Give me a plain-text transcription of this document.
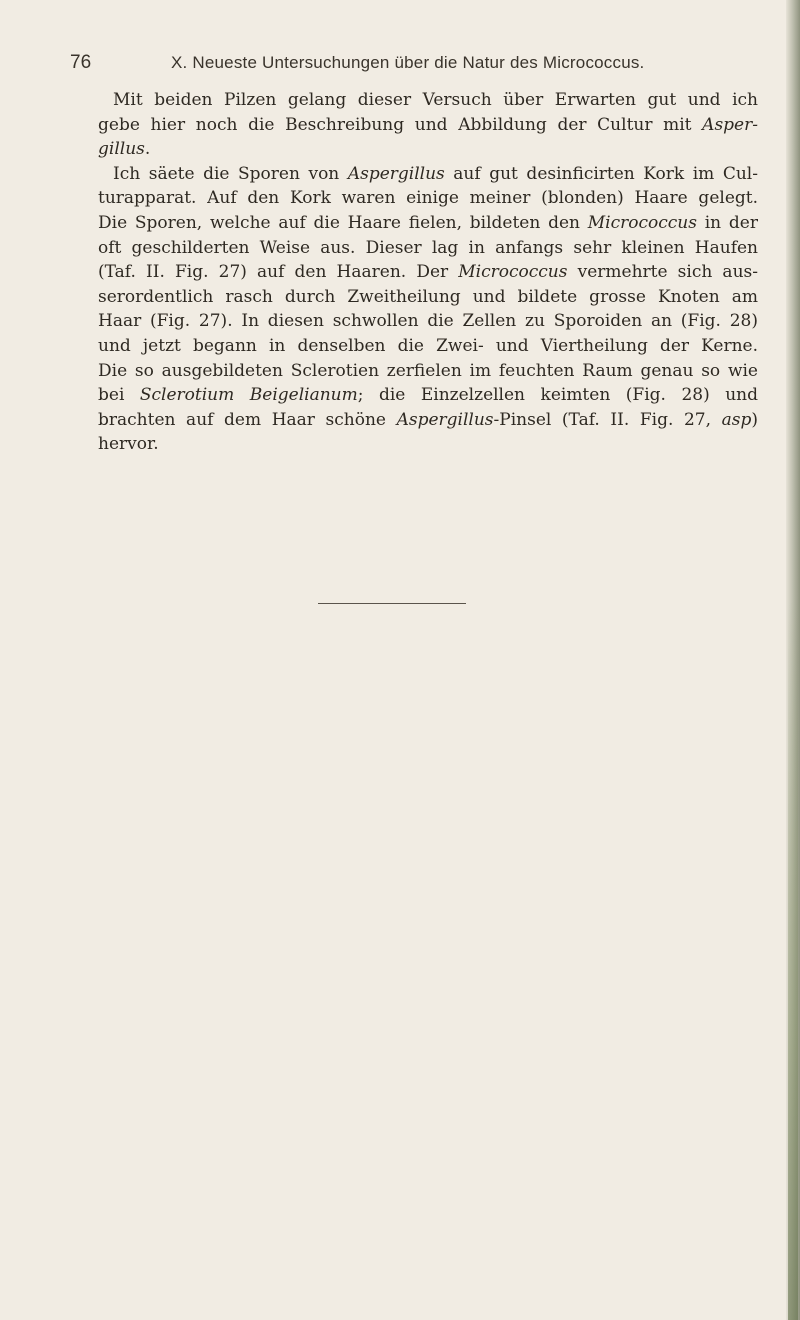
76	X. Neueste Untersuchungen über die Natur des Micrococcus.
Mit beiden Pilzen gelang dieser Versuch über Erwarten gut und ich
gebe hier noch die Beschreibung und Abbildung der Cultur mit Asper-
gillus.
Ich säete die Sporen von Aspergillus auf gut desinficirten Kork im Cul-
turapparat. Auf den Kork waren einige meiner (blonden) Haare gelegt.
Die Sporen, welche auf die Haare fielen, bildeten den Micrococcus in der
oft geschilderten Weise aus. Dieser lag in anfangs sehr kleinen Haufen
(Taf. II. Fig. 27) auf den Haaren. Der Micrococcus vermehrte sich aus-
serordentlich rasch durch Zweitheilung und bildete grosse Knoten am
Haar (Fig. 27). In diesen schwollen die Zellen zu Sporoiden an (Fig. 28)
und jetzt begann in denselben die Zwei- und Viertheilung der Kerne.
Die so ausgebildeten Sclerotien zerfielen im feuchten Raum genau so wie
bei Sclerotium Beigelianum; die Einzelzellen keimten (Fig. 28) und
brachten auf dem Haar schöne Aspergillus-Pinsel (Taf. II. Fig. 27, asp)
hervor.
